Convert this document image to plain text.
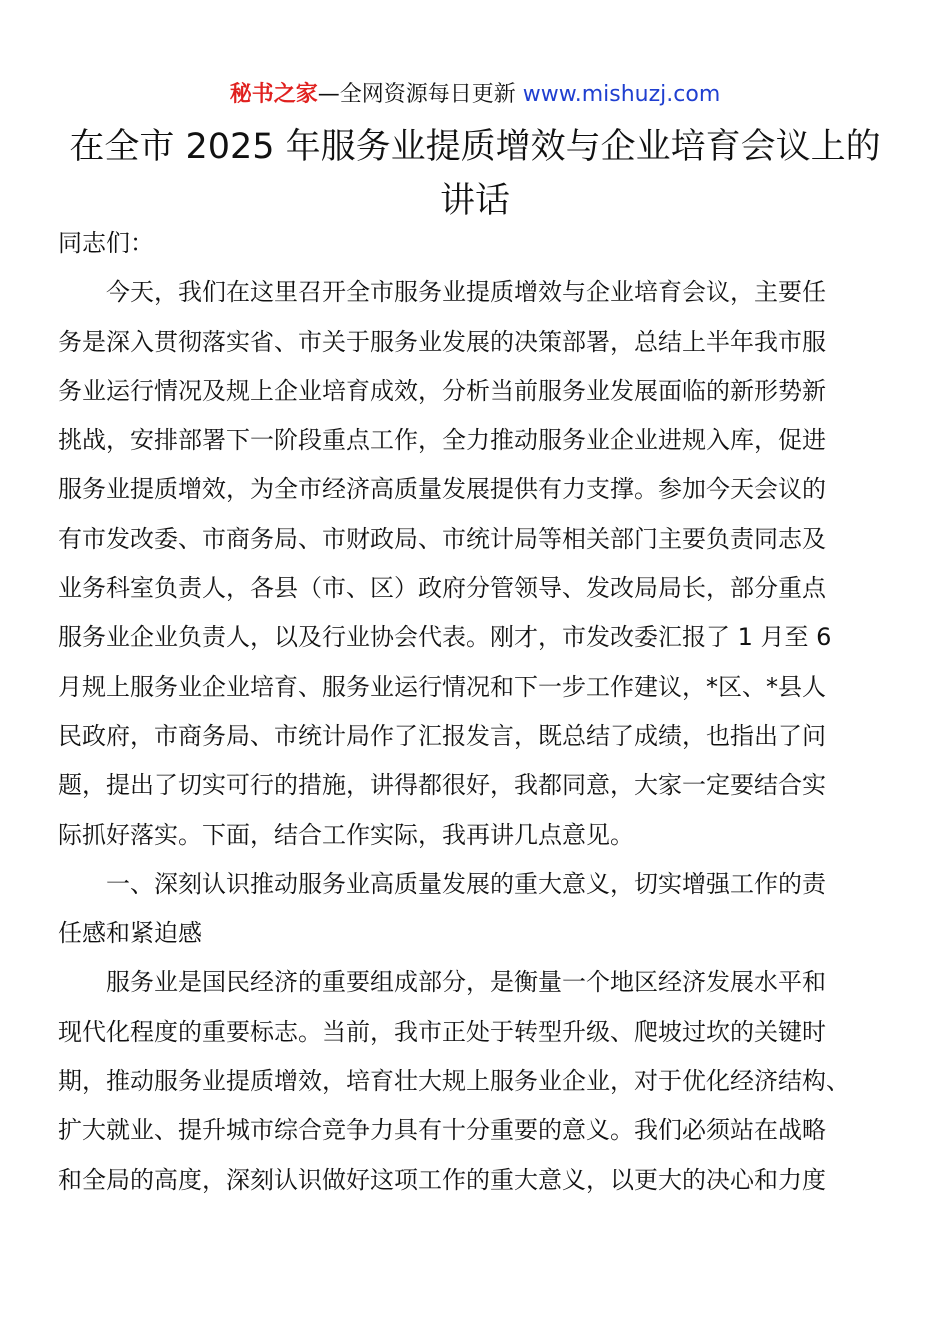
秘书之家—全网资源每日更新 www.mishuzj.com
在全市 2025 年服务业提质增效与企业培育会议上的
讲话
同志们：
今天，我们在这里召开全市服务业提质增效与企业培育会议，主要任
务是深入贯彻落实省、市关于服务业发展的决策部署，总结上半年我市服
务业运行情况及规上企业培育成效，分析当前服务业发展面临的新形势新
挑战，安排部署下一阶段重点工作，全力推动服务业企业进规入库，促进
服务业提质增效，为全市经济高质量发展提供有力支撑。参加今天会议的
有市发改委、市商务局、市财政局、市统计局等相关部门主要负责同志及
业务科室负责人，各县（市、区）政府分管领导、发改局局长，部分重点
服务业企业负责人，以及行业协会代表。刚才，市发改委汇报了 1 月至 6
月规上服务业企业培育、服务业运行情况和下一步工作建议，*区、*县人
民政府，市商务局、市统计局作了汇报发言，既总结了成绩，也指出了问
题，提出了切实可行的措施，讲得都很好，我都同意，大家一定要结合实
际抓好落实。下面，结合工作实际，我再讲几点意见。
一、深刻认识推动服务业高质量发展的重大意义，切实增强工作的责
任感和紧迫感
服务业是国民经济的重要组成部分，是衡量一个地区经济发展水平和
现代化程度的重要标志。当前，我市正处于转型升级、爬坡过坎的关键时
期，推动服务业提质增效，培育壮大规上服务业企业，对于优化经济结构、
扩大就业、提升城市综合竞争力具有十分重要的意义。我们必须站在战略
和全局的高度，深刻认识做好这项工作的重大意义，以更大的决心和力度
